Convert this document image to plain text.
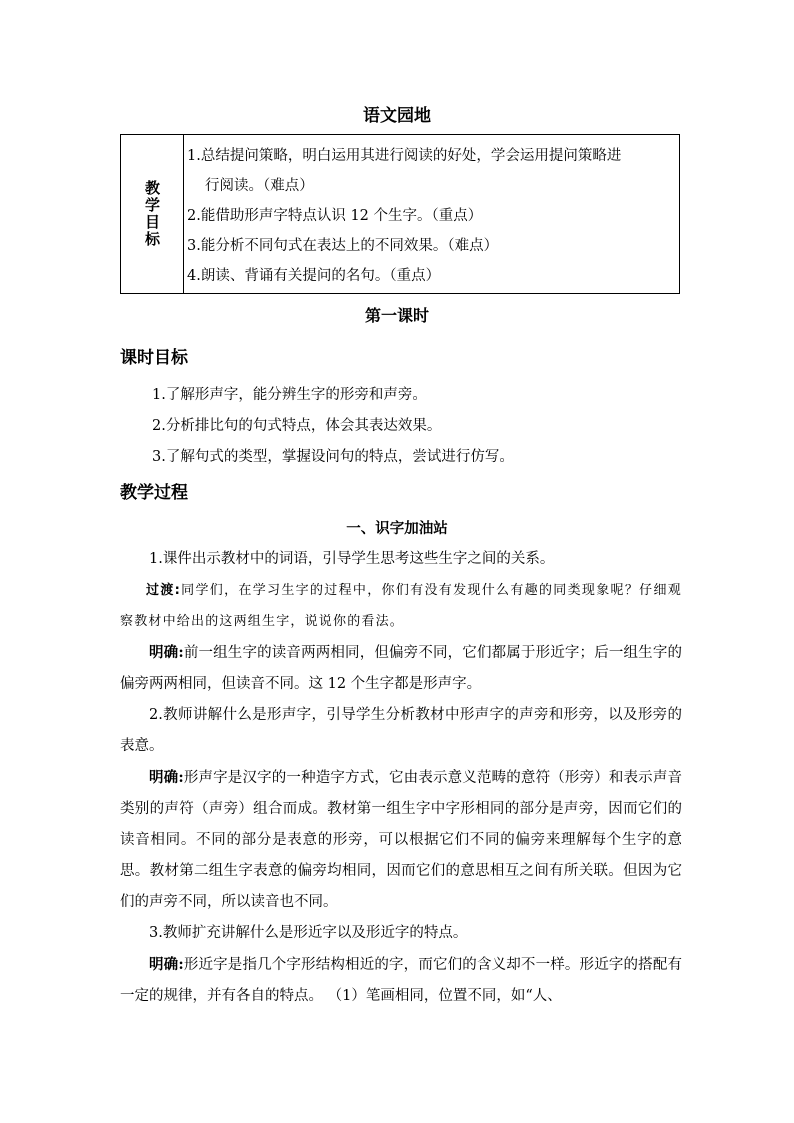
语文园地
教学目标

1.总结提问策略，明白运用其进行阅读的好处，学会运用提问策略进
行阅读。（难点）

2.能借助形声字特点认识 12 个生字。（重点）

3.能分析不同句式在表达上的不同效果。（难点）

4.朗读、背诵有关提问的名句。（重点）

第一课时
课时目标

1.了解形声字，能分辨生字的形旁和声旁。

2.分析排比句的句式特点，体会其表达效果。

3.了解句式的类型，掌握设问句的特点，尝试进行仿写。

教学过程
一、识字加油站

1.课件出示教材中的词语，引导学生思考这些生字之间的关系。

过渡:同学们，在学习生字的过程中，你们有没有发现什么有趣的同类现象呢？仔细观察教材中给出的这两组生字，说说你的看法。

明确:前一组生字的读音两两相同，但偏旁不同，它们都属于形近字；后一组生字的偏旁两两相同，但读音不同。这 12 个生字都是形声字。

2.教师讲解什么是形声字，引导学生分析教材中形声字的声旁和形旁，以及形旁的表意。

明确:形声字是汉字的一种造字方式，它由表示意义范畴的意符（形旁）和表示声音类别的声符（声旁）组合而成。教材第一组生字中字形相同的部分是声旁，因而它们的读音相同。不同的部分是表意的形旁，可以根据它们不同的偏旁来理解每个生字的意思。教材第二组生字表意的偏旁均相同，因而它们的意思相互之间有所关联。但因为它们的声旁不同，所以读音也不同。

3.教师扩充讲解什么是形近字以及形近字的特点。

明确:形近字是指几个字形结构相近的字，而它们的含义却不一样。形近字的搭配有一定的规律，并有各自的特点。 （1）笔画相同，位置不同，如“人、
